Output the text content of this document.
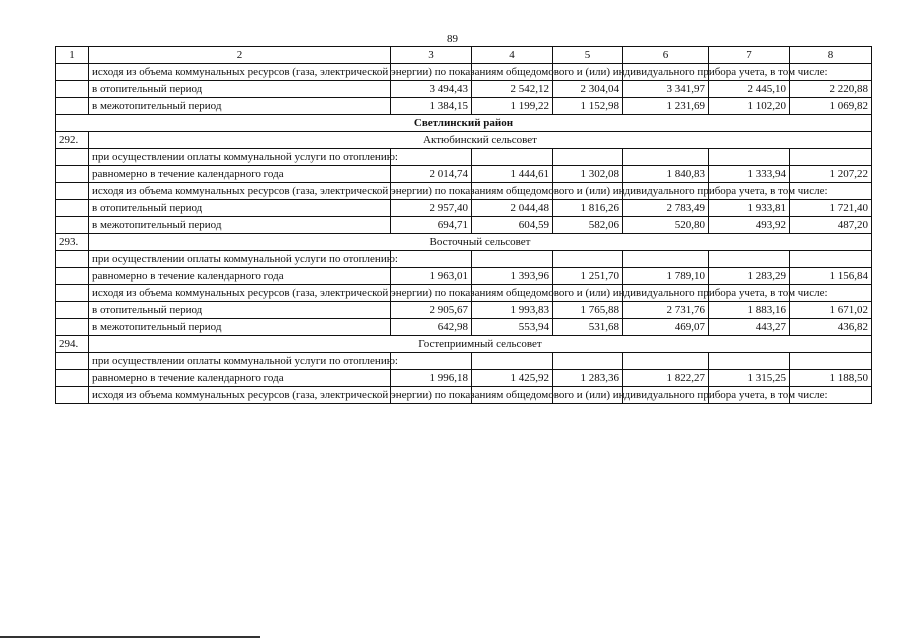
89
1	2	3	4	5	6	7	8
	исходя из объема коммунальных ресурсов (газа, электрической энергии) по показаниям общедомового и (или) индивидуального прибора учета, в том числе:						
	в отопительный период	3 494,43	2 542,12	2 304,04	3 341,97	2 445,10	2 220,88
	в межотопительный период	1 384,15	1 199,22	1 152,98	1 231,69	1 102,20	1 069,82
Светлинский район							
292.	Актюбинский сельсовет						
	при осуществлении оплаты коммунальной услуги по отоплению:						
	равномерно в течение календарного года	2 014,74	1 444,61	1 302,08	1 840,83	1 333,94	1 207,22
	исходя из объема коммунальных ресурсов (газа, электрической энергии) по показаниям общедомового и (или) индивидуального прибора учета, в том числе:						
	в отопительный период	2 957,40	2 044,48	1 816,26	2 783,49	1 933,81	1 721,40
	в межотопительный период	694,71	604,59	582,06	520,80	493,92	487,20
293.	Восточный сельсовет						
	при осуществлении оплаты коммунальной услуги по отоплению:						
	равномерно в течение календарного года	1 963,01	1 393,96	1 251,70	1 789,10	1 283,29	1 156,84
	исходя из объема коммунальных ресурсов (газа, электрической энергии) по показаниям общедомового и (или) индивидуального прибора учета, в том числе:						
	в отопительный период	2 905,67	1 993,83	1 765,88	2 731,76	1 883,16	1 671,02
	в межотопительный период	642,98	553,94	531,68	469,07	443,27	436,82
294.	Гостеприимный сельсовет						
	при осуществлении оплаты коммунальной услуги по отоплению:						
	равномерно в течение календарного года	1 996,18	1 425,92	1 283,36	1 822,27	1 315,25	1 188,50
	исходя из объема коммунальных ресурсов (газа, электрической энергии) по показаниям общедомового и (или) индивидуального прибора учета, в том числе:						
